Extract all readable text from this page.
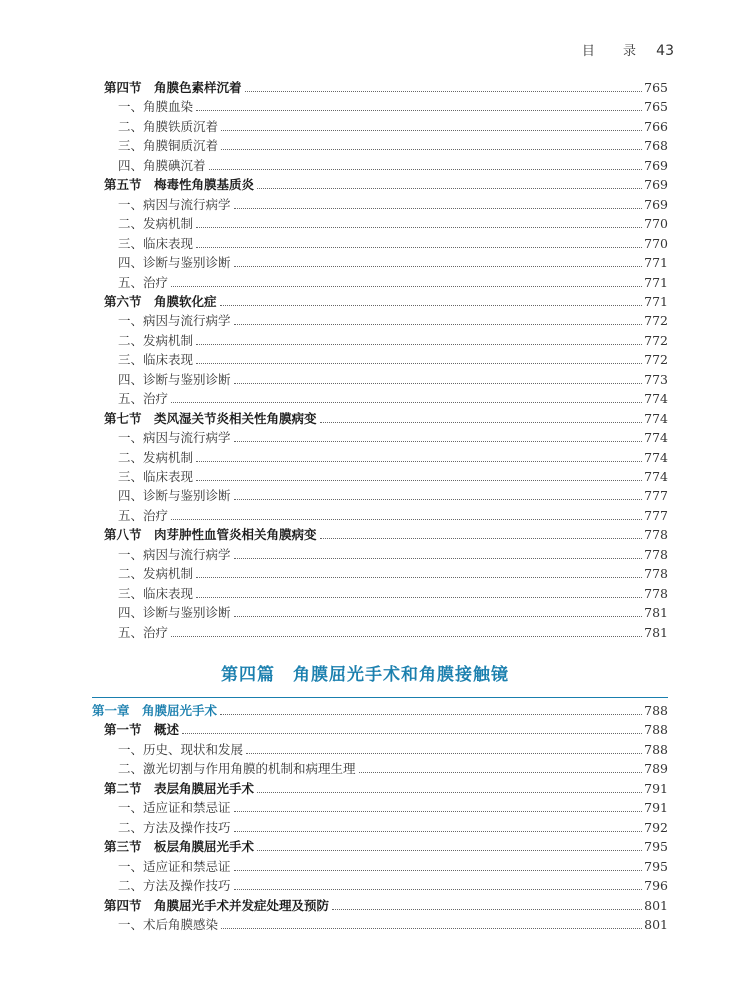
目 录 43
第四节　角膜色素样沉着	765
一、角膜血染	765
二、角膜铁质沉着	766
三、角膜铜质沉着	768
四、角膜碘沉着	769
第五节　梅毒性角膜基质炎	769
一、病因与流行病学	769
二、发病机制	770
三、临床表现	770
四、诊断与鉴别诊断	771
五、治疗	771
第六节　角膜软化症	771
一、病因与流行病学	772
二、发病机制	772
三、临床表现	772
四、诊断与鉴别诊断	773
五、治疗	774
第七节　类风湿关节炎相关性角膜病变	774
一、病因与流行病学	774
二、发病机制	774
三、临床表现	774
四、诊断与鉴别诊断	777
五、治疗	777
第八节　肉芽肿性血管炎相关角膜病变	778
一、病因与流行病学	778
二、发病机制	778
三、临床表现	778
四、诊断与鉴别诊断	781
五、治疗	781
第四篇　角膜屈光手术和角膜接触镜
第一章　角膜屈光手术	788
第一节　概述	788
一、历史、现状和发展	788
二、激光切割与作用角膜的机制和病理生理	789
第二节　表层角膜屈光手术	791
一、适应证和禁忌证	791
二、方法及操作技巧	792
第三节　板层角膜屈光手术	795
一、适应证和禁忌证	795
二、方法及操作技巧	796
第四节　角膜屈光手术并发症处理及预防	801
一、术后角膜感染	801
